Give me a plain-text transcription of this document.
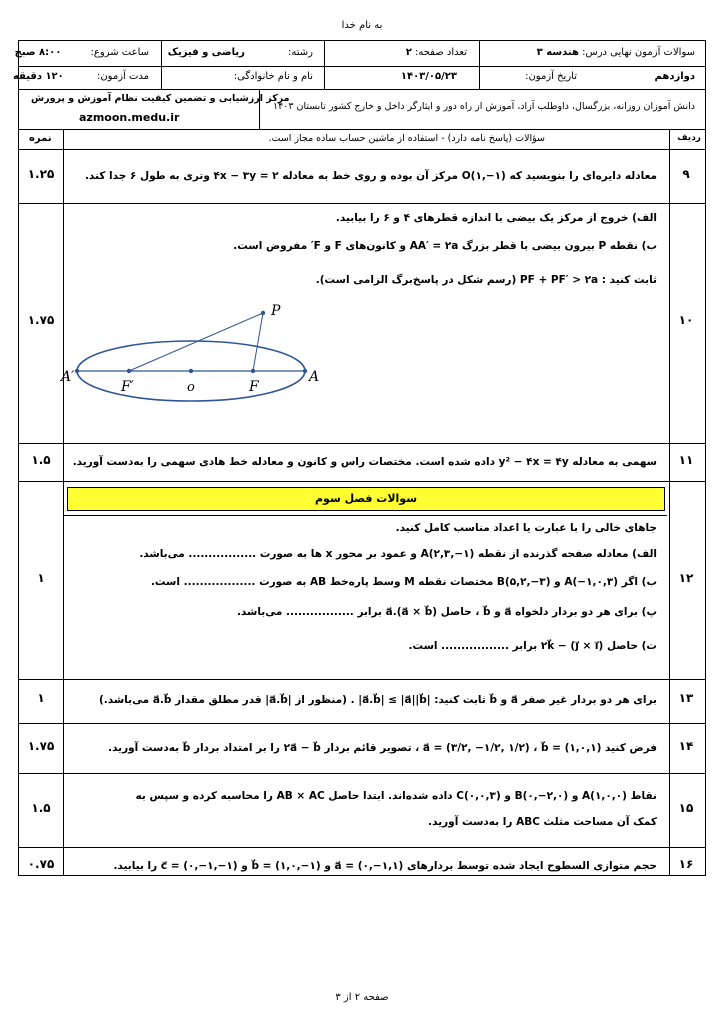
به نام خدا
سوالات آزمون نهایی درس: هندسه ۳
تعداد صفحه: ۲
رشته: ریاضی و فیزیک
ساعت شروع: ۸:۰۰ صبح
دوازدهم
تاریخ آزمون:
۱۴۰۳/۰۵/۲۳
نام و نام خانوادگی:
مدت آزمون: ۱۲۰ دقیقه
دانش آموزان روزانه، بزرگسال، داوطلب آزاد، آموزش از راه دور و ایثارگر داخل و خارج کشور تابستان ۱۴۰۳
مرکز ارزشیابی و تضمین کیفیت نظام آموزش و پرورش
azmoon.medu.ir
ردیف
سؤالات (پاسخ نامه دارد) - استفاده از ماشین حساب ساده مجاز است.
نمره
۹
معادله دایره‌ای را بنویسید که O(۱,−۱) مرکز آن بوده و روی خط به معادله ۴x − ۳y = ۲ وتری به طول ۶ جدا کند.
۱.۲۵
۱۰
۱.۷۵
الف) خروج از مرکز یک بیضی با اندازه قطرهای ۴ و ۶ را بیابید.
ب) نقطه P بیرون بیضی با قطر بزرگ AA′ = ۲a و کانون‌های F و F′ مفروض است.
ثابت کنید : PF + PF′ > ۲a (رسم شکل در پاسخ‌برگ الزامی است).
P
A′
F′	o	F
A
۱۱
سهمی به معادله y² − ۴x = ۴y داده شده است. مختصات راس و کانون و معادله خط هادی سهمی را به‌دست آورید.
۱.۵
سوالات فصل سوم
۱۲
۱
جاهای خالی را با عبارت یا اعداد مناسب کامل کنید.
الف) معادله صفحه گذرنده از نقطه A(۲,۳,−۱) و عمود بر محور x ها به صورت ................. می‌باشد.
ب) اگر A(−۱,۰,۳) و B(۵,۲,−۳) مختصات نقطه M وسط پاره‌خط AB به صورت .................. است.
پ) برای هر دو بردار دلخواه a⃗ و b⃗ ، حاصل a⃗.(a⃗ × b⃗) برابر ................. می‌باشد.
ت) حاصل (j⃗ × i⃗) − ۲k⃗ برابر ................. است.
۱۳
برای هر دو بردار غیر صفر a⃗ و b⃗ ثابت کنید: |a⃗.b⃗| ≤ |a⃗||b⃗| . (منظور از |a⃗.b⃗| قدر مطلق مقدار a⃗.b⃗ می‌باشد.)
۱
۱۴
فرض کنید a⃗ = (۳/۲, −۱/۲, ۱/۲) ، b⃗ = (۱,۰,۱) ، تصویر قائم بردار ۲a⃗ − b⃗ را بر امتداد بردار b⃗ به‌دست آورید.
۱.۷۵
۱۵
نقاط A(۱,۰,۰) و B(۰,−۲,۰) و C(۰,۰,۳) داده شده‌اند. ابتدا حاصل AB × AC را محاسبه کرده و سپس به
کمک آن مساحت مثلث ABC را به‌دست آورید.
۱.۵
۱۶
حجم متوازی السطوح ایجاد شده توسط بردارهای a⃗ = (۰,−۱,۱) و b⃗ = (۱,۰,−۱) و c⃗ = (۰,−۱,−۱) را بیابید.
۰.۷۵
صفحه ۲ از ۳
